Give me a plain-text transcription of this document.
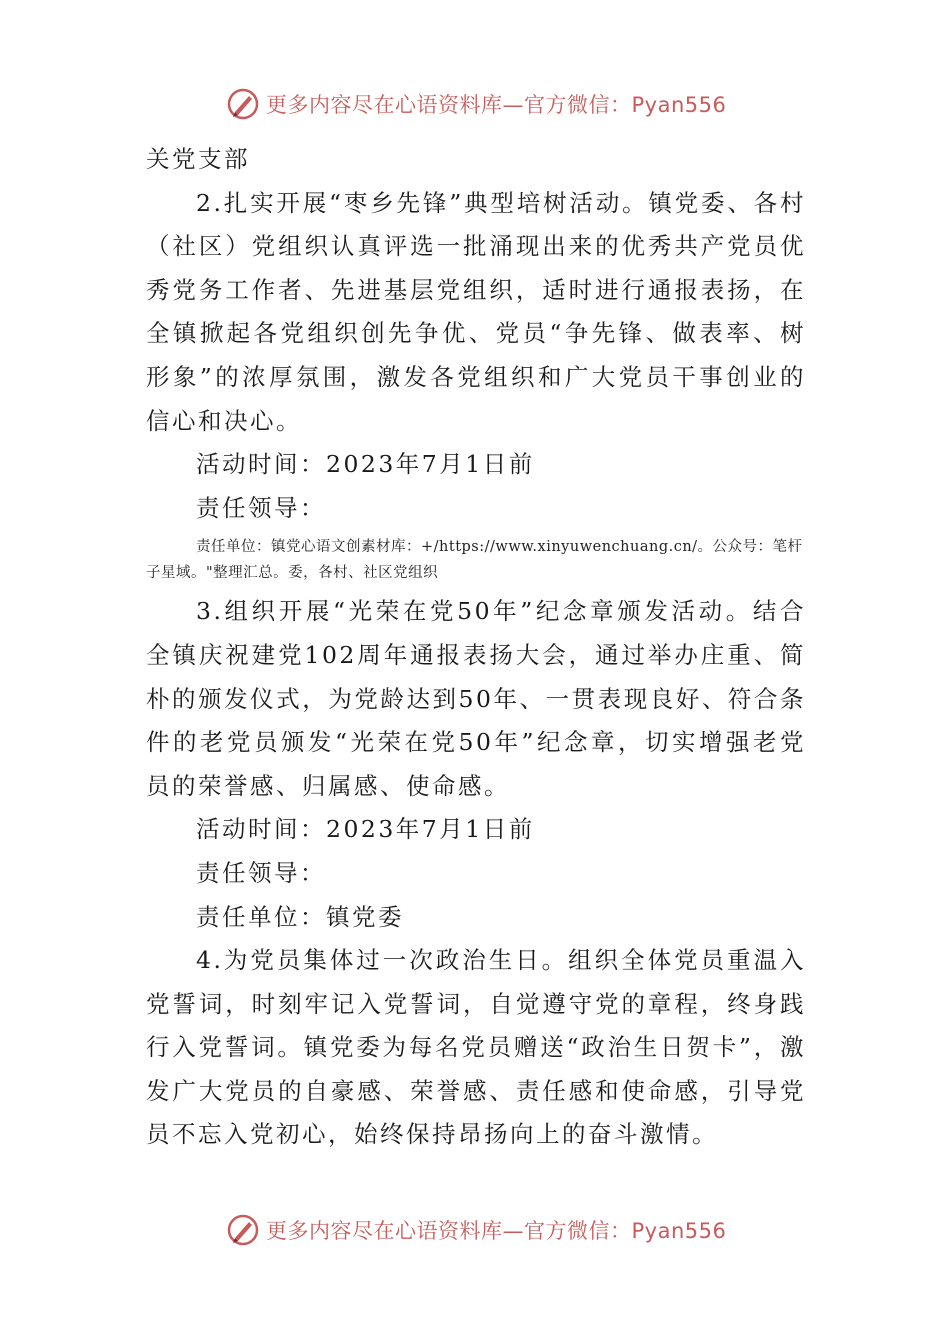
更多内容尽在心语资料库—官方微信：Pyan556

关党支部

2.扎实开展“枣乡先锋”典型培树活动。镇党委、各村（社区）党组织认真评选一批涌现出来的优秀共产党员优秀党务工作者、先进基层党组织，适时进行通报表扬，在全镇掀起各党组织创先争优、党员“争先锋、做表率、树形象”的浓厚氛围，激发各党组织和广大党员干事创业的信心和决心。

活动时间：2023年7月1日前

责任领导：

责任单位：镇党心语文创素材库：+/https://www.xinyuwenchuang.cn/。公众号：笔杆子星域。"整理汇总。委，各村、社区党组织

3.组织开展“光荣在党50年”纪念章颁发活动。结合全镇庆祝建党102周年通报表扬大会，通过举办庄重、简朴的颁发仪式，为党龄达到50年、一贯表现良好、符合条件的老党员颁发“光荣在党50年”纪念章，切实增强老党员的荣誉感、归属感、使命感。

活动时间：2023年7月1日前

责任领导：

责任单位：镇党委

4.为党员集体过一次政治生日。组织全体党员重温入党誓词，时刻牢记入党誓词，自觉遵守党的章程，终身践行入党誓词。镇党委为每名党员赠送“政治生日贺卡”，激发广大党员的自豪感、荣誉感、责任感和使命感，引导党员不忘入党初心，始终保持昂扬向上的奋斗激情。

更多内容尽在心语资料库—官方微信：Pyan556
